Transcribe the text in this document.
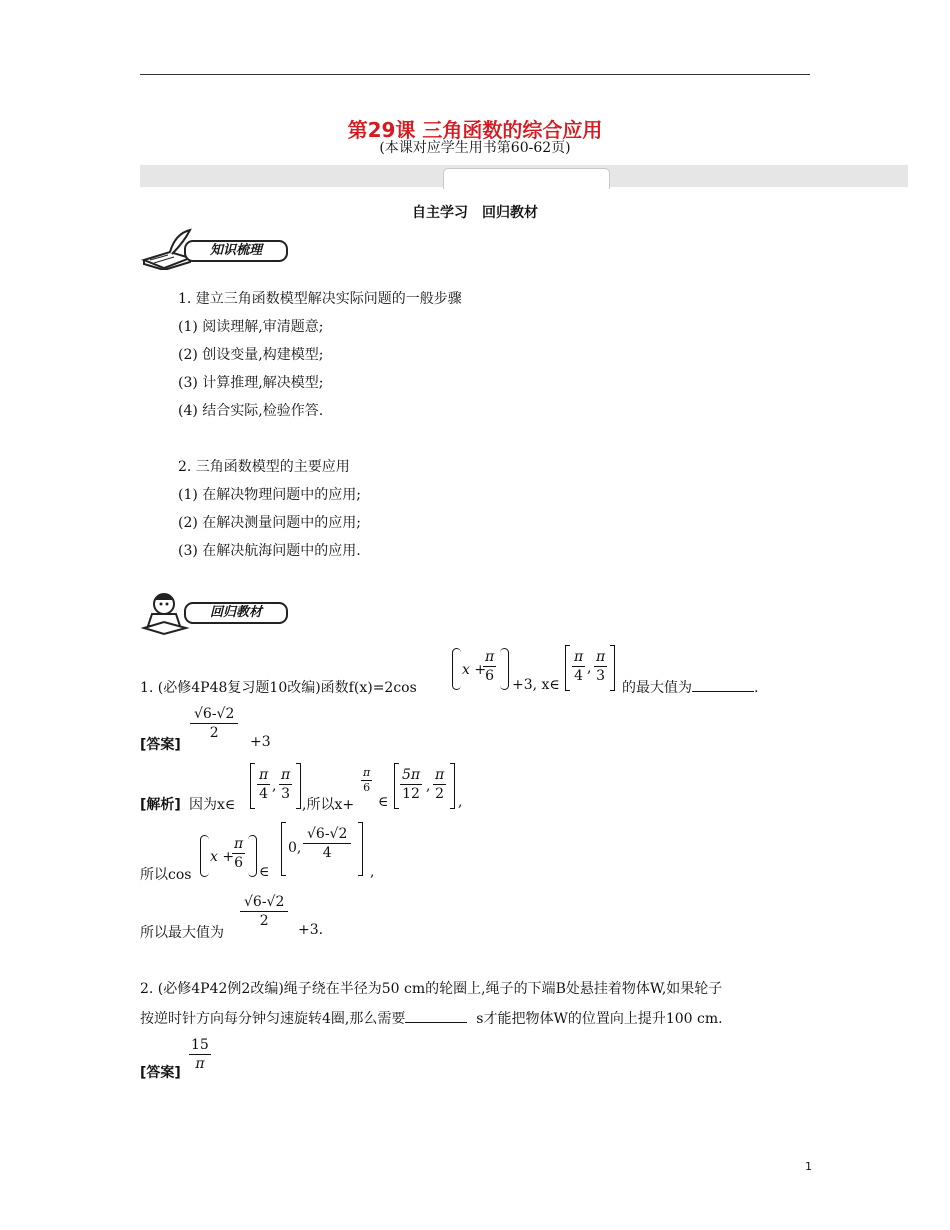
第29课 三角函数的综合应用
(本课对应学生用书第60-62页)
自主学习　回归教材
知识梳理
1. 建立三角函数模型解决实际问题的一般步骤
(1) 阅读理解,审清题意;
(2) 创设变量,构建模型;
(3) 计算推理,解决模型;
(4) 结合实际,检验作答.
2. 三角函数模型的主要应用
(1) 在解决物理问题中的应用;
(2) 在解决测量问题中的应用;
(3) 在解决航海问题中的应用.
回归教材
1. (必修4P48复习题10改编)函数f(x)=2cos
x +
$\frac{\pi}{6} +3$, x∈ $\frac{\pi}{4}$ , $\frac{\pi}{3}$
的最大值为	.
$\frac{√6-√2}{2}$
[答案]	+3
[解析] 因为x∈
$\frac{\pi}{4}$ , $\frac{\pi}{3}$
,所以x+
$\frac{\pi}{6}$
∈ $\frac{5\pi}{12}$ , $\frac{\pi}{2}$ ,
所以cos
x +
$\frac{\pi}{6}$ ∈
0, $\frac{√6-√2}{4}$
,
$\frac{√6-√2}{2}$
所以最大值为	+3.
2. (必修4P42例2改编)绳子绕在半径为50 cm的轮圈上,绳子的下端B处悬挂着物体W,如果轮子
按逆时针方向每分钟匀速旋转4圈,那么需要	s才能把物体W的位置向上提升100 cm.
$\frac{15}{\pi}$
[答案]
1
